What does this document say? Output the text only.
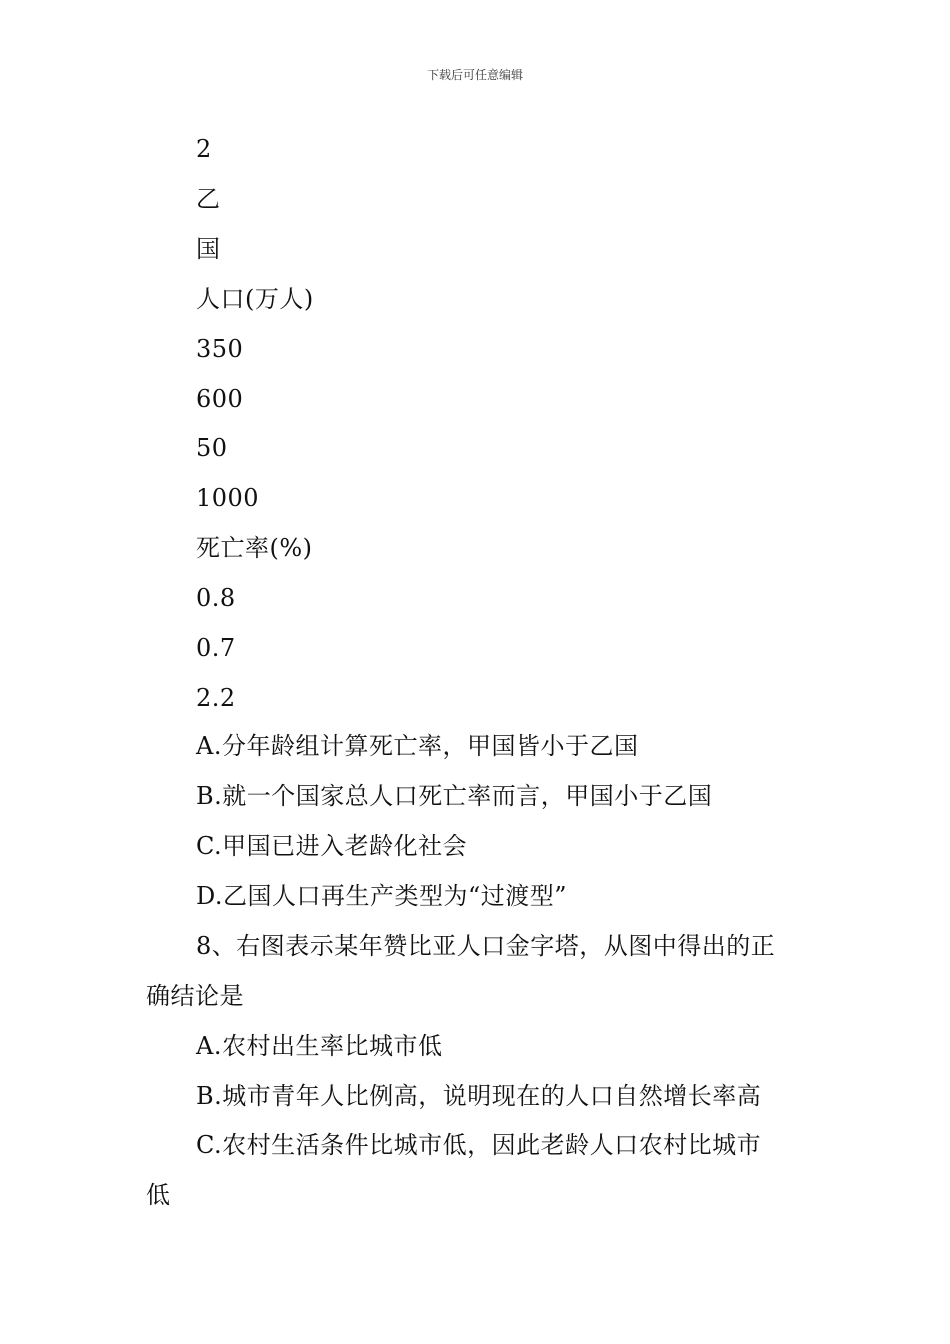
下载后可任意编辑
2
乙
国
人口(万人)
350
600
50
1000
死亡率(%)
0.8
0.7
2.2
A.分年龄组计算死亡率，甲国皆小于乙国
B.就一个国家总人口死亡率而言，甲国小于乙国
C.甲国已进入老龄化社会
D.乙国人口再生产类型为“过渡型”
8、右图表示某年赞比亚人口金字塔，从图中得出的正
确结论是
A.农村出生率比城市低
B.城市青年人比例高，说明现在的人口自然增长率高
C.农村生活条件比城市低，因此老龄人口农村比城市
低
